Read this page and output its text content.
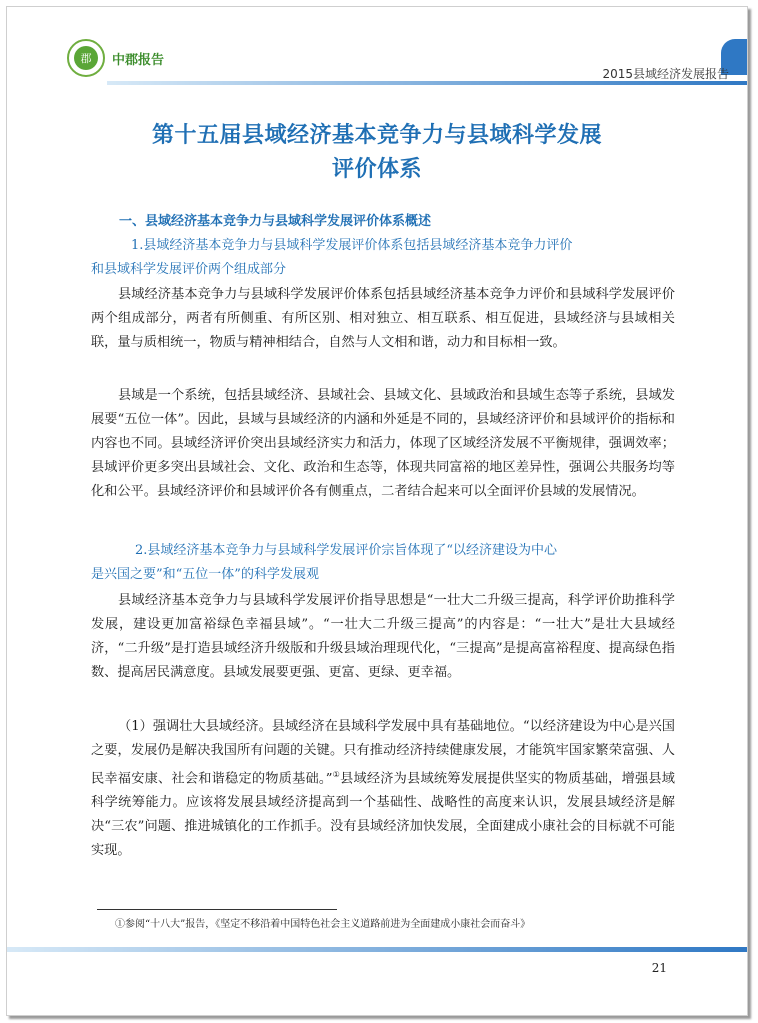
郡	中郡报告
2015县域经济发展报告
第十五届县域经济基本竞争力与县域科学发展
评价体系
一、县域经济基本竞争力与县域科学发展评价体系概述
1.县域经济基本竞争力与县域科学发展评价体系包括县域经济基本竞争力评价
和县域科学发展评价两个组成部分
县域经济基本竞争力与县域科学发展评价体系包括县域经济基本竞争力评价和县域科学发展评价两个组成部分，两者有所侧重、有所区别、相对独立、相互联系、相互促进，县域经济与县域相关联，量与质相统一，物质与精神相结合，自然与人文相和谐，动力和目标相一致。
县域是一个系统，包括县域经济、县域社会、县域文化、县域政治和县域生态等子系统，县域发展要“五位一体”。因此，县域与县域经济的内涵和外延是不同的，县域经济评价和县域评价的指标和内容也不同。县域经济评价突出县域经济实力和活力，体现了区域经济发展不平衡规律，强调效率；县域评价更多突出县域社会、文化、政治和生态等，体现共同富裕的地区差异性，强调公共服务均等化和公平。县域经济评价和县域评价各有侧重点，二者结合起来可以全面评价县域的发展情况。
2.县域经济基本竞争力与县域科学发展评价宗旨体现了“以经济建设为中心
是兴国之要”和“五位一体”的科学发展观
县域经济基本竞争力与县域科学发展评价指导思想是“一壮大二升级三提高，科学评价助推科学发展，建设更加富裕绿色幸福县域”。“一壮大二升级三提高”的内容是：“一壮大”是壮大县域经济，“二升级”是打造县域经济升级版和升级县域治理现代化，“三提高”是提高富裕程度、提高绿色指数、提高居民满意度。县域发展要更强、更富、更绿、更幸福。
（1）强调壮大县域经济。县域经济在县域科学发展中具有基础地位。“以经济建设为中心是兴国之要，发展仍是解决我国所有问题的关键。只有推动经济持续健康发展，才能筑牢国家繁荣富强、人民幸福安康、社会和谐稳定的物质基础。”①县域经济为县域统筹发展提供坚实的物质基础，增强县域科学统筹能力。应该将发展县域经济提高到一个基础性、战略性的高度来认识，发展县域经济是解决“三农”问题、推进城镇化的工作抓手。没有县域经济加快发展，全面建成小康社会的目标就不可能实现。
①参阅“十八大”报告，《坚定不移沿着中国特色社会主义道路前进为全面建成小康社会而奋斗》
21
